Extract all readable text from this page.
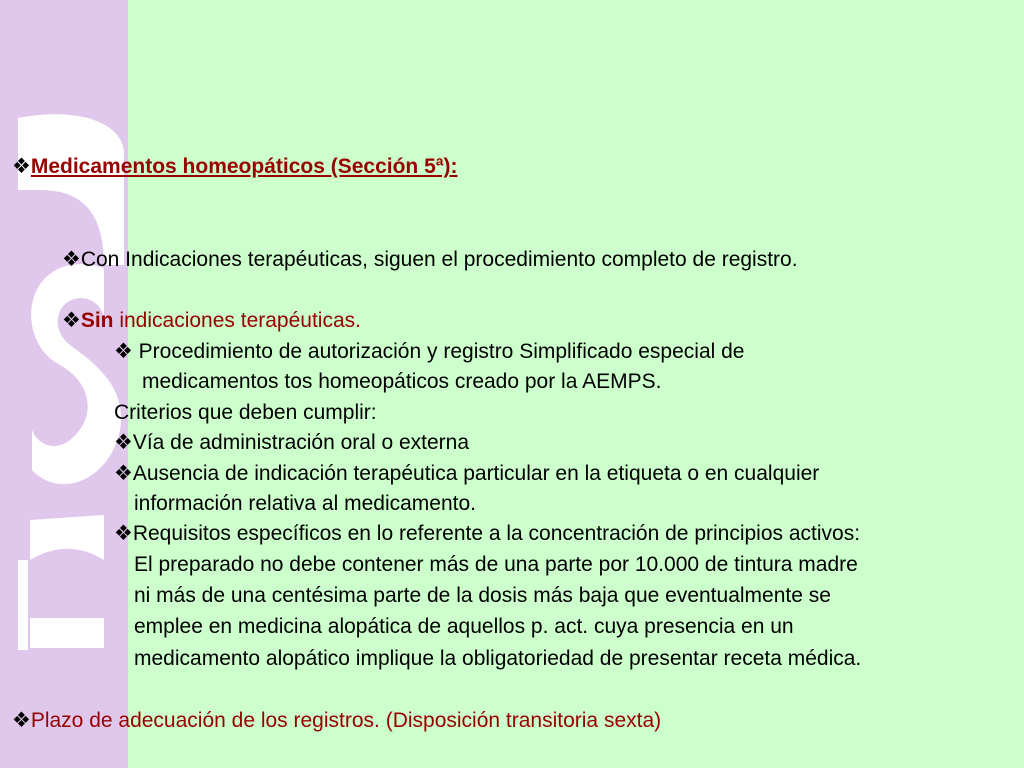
❖Medicamentos homeopáticos (Sección 5ª):
❖Con Indicaciones terapéuticas, siguen el procedimiento completo de registro.
❖Sin indicaciones terapéuticas.
❖ Procedimiento de autorización y registro Simplificado especial de
medicamentos tos homeopáticos creado por la AEMPS.
Criterios que deben cumplir:
❖Vía de administración oral o externa
❖Ausencia de indicación terapéutica particular en la etiqueta o en cualquier
información relativa al medicamento.
❖Requisitos específicos en lo referente a la concentración de principios activos:
El preparado no debe contener más de una parte por 10.000 de tintura madre
ni más de una centésima parte de la dosis más baja que eventualmente se
emplee en medicina alopática de aquellos p. act. cuya presencia en un
medicamento alopático implique la obligatoriedad de presentar receta médica.
❖Plazo de adecuación de los registros. (Disposición transitoria sexta)
